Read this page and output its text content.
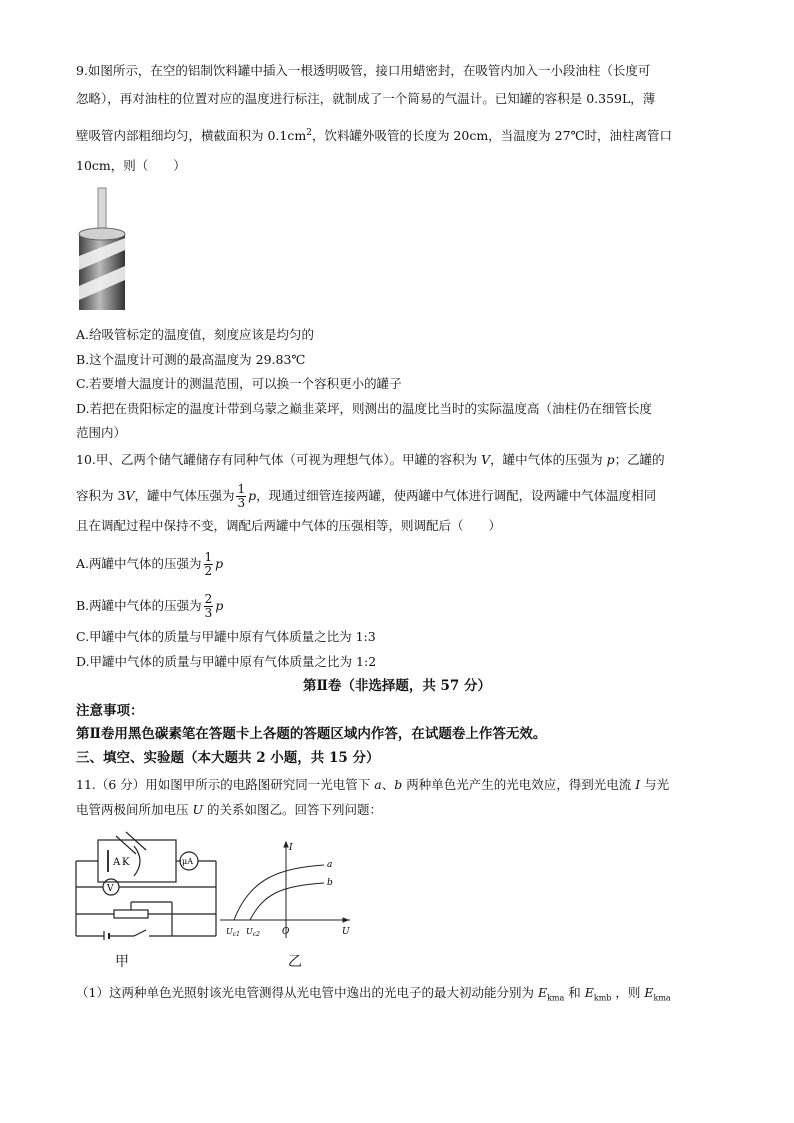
9.如图所示，在空的铝制饮料罐中插入一根透明吸管，接口用蜡密封，在吸管内加入一小段油柱（长度可
忽略），再对油柱的位置对应的温度进行标注，就制成了一个简易的气温计。已知罐的容积是 0.359L，薄
壁吸管内部粗细均匀，横截面积为 $0.1cm^2$，饮料罐外吸管的长度为 20cm，当温度为 27℃时，油柱离管口
10cm，则（　　）
A.给吸管标定的温度值，刻度应该是均匀的
B.这个温度计可测的最高温度为 29.83℃
C.若要增大温度计的测温范围，可以换一个容积更小的罐子
D.若把在贵阳标定的温度计带到乌蒙之巅韭菜坪，则测出的温度比当时的实际温度高（油柱仍在细管长度
范围内）
10.甲、乙两个储气罐储存有同种气体（可视为理想气体）。甲罐的容积为 V，罐中气体的压强为 p；乙罐的
容积为 3V，罐中气体压强为 $\frac{1}{3}$ p，现通过细管连接两罐，使两罐中气体进行调配，设两罐中气体温度相同
且在调配过程中保持不变，调配后两罐中气体的压强相等，则调配后（　　）
A.两罐中气体的压强为 $\frac{1}{2}$ p
B.两罐中气体的压强为 $\frac{2}{3}$ p
C.甲罐中气体的质量与甲罐中原有气体质量之比为 1:3
D.甲罐中气体的质量与甲罐中原有气体质量之比为 1:2
第Ⅱ卷（非选择题，共 57 分）
注意事项：
第Ⅱ卷用黑色碳素笔在答题卡上各题的答题区域内作答，在试题卷上作答无效。
三、填空、实验题（本大题共 2 小题，共 15 分）
11.（6 分）用如图甲所示的电路图研究同一光电管下 a、b 两种单色光产生的光电效应，得到光电流 I 与光
电管两极间所加电压 U 的关系如图乙。回答下列问题：
A K	μA
V
I
O	U
a
b
$U_{c1}$ $U_{c2}$
甲	乙
（1）这两种单色光照射该光电管测得从光电管中逸出的光电子的最大初动能分别为 $E_{kma}$ 和 $E_{kmb}$ ，则 $E_{kma}$
